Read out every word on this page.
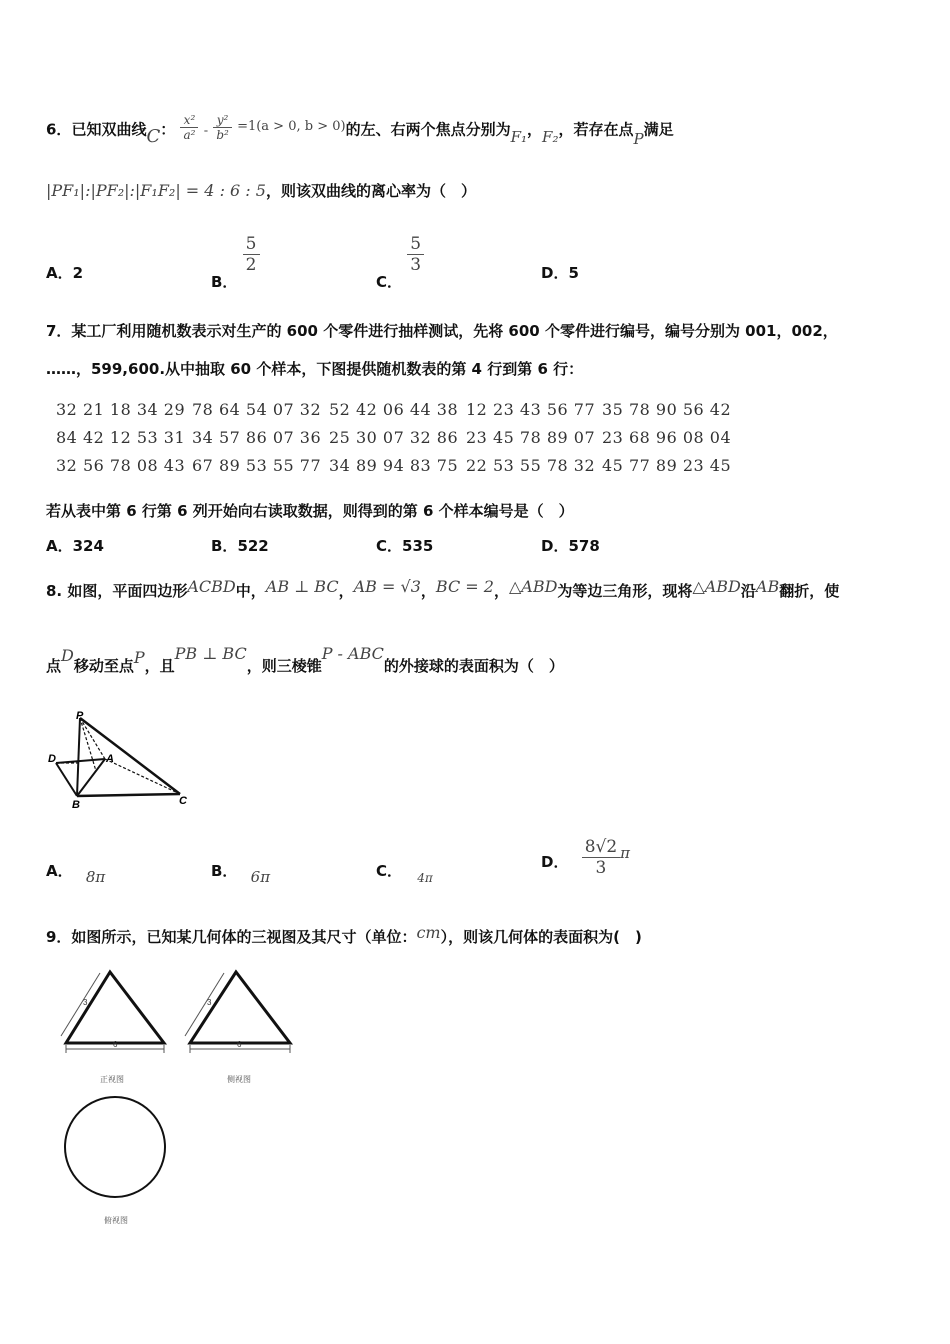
6．已知双曲线C： $\frac{\text{x²}}{\text{a²}} - \frac{\text{y²}}{\text{b²}} =1(a > 0$, b > 0)的左、右两个焦点分别为F₁，F₂，若存在点P满足
|PF₁|:|PF₂|:|F₁F₂| = 4 : 6 : 5，则该双曲线的离心率为（　）
A．2
B．
$\frac{5}{2}$
C．
$\frac{5}{3}$	D．5
7．某工厂利用随机数表示对生产的 600 个零件进行抽样测试，先将 600 个零件进行编号，编号分别为 001，002，
……，599,600.从中抽取 60 个样本，下图提供随机数表的第 4 行到第 6 行：
32 21 18 34 29 78 64 54 07 32 52 42 06 44 38 12 23 43 56 77 35 78 90 56 42
84 42 12 53 31 34 57 86 07 36 25 30 07 32 86 23 45 78 89 07 23 68 96 08 04
32 56 78 08 43 67 89 53 55 77 34 89 94 83 75 22 53 55 78 32 45 77 89 23 45
若从表中第 6 行第 6 列开始向右读取数据，则得到的第 6 个样本编号是（　）
A．324	B．522	C．535	D．578
8. 如图，平面四边形ACBD中，AB ⊥ BC，AB = √3，BC = 2，△ABD为等边三角形，现将△ABD沿AB翻折，使
点D移动至点P，且PB ⊥ BC，则三棱锥P - ABC的外接球的表面积为（　）
P
D	A
B	C
A． 8π	B． 6π	C． $_{4\pi}$
D． $\frac{8√2}{3}$ π
9．如图所示，已知某几何体的三视图及其尺寸（单位：cm），则该几何体的表面积为(　)
3
6
正视图
3
6
侧视图
俯视图
